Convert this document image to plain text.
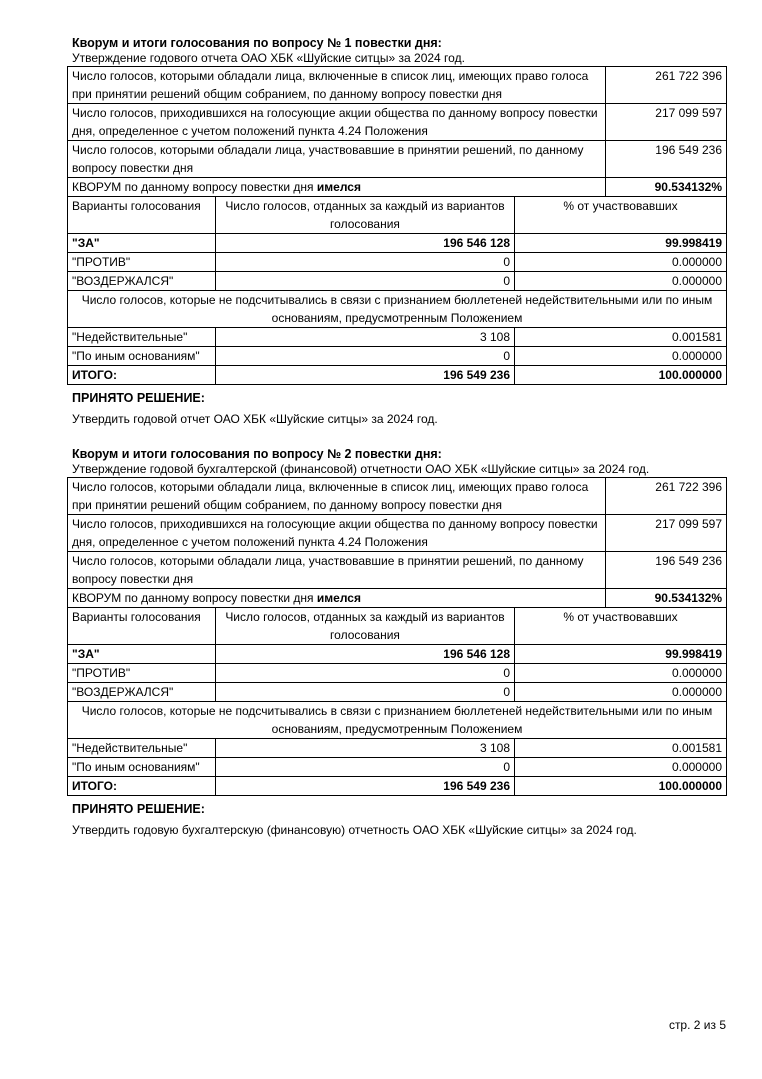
Кворум и итоги голосования по вопросу № 1 повестки дня:
Утверждение годового отчета ОАО ХБК «Шуйские ситцы» за 2024 год.
Число голосов, которыми обладали лица, включенные в список лиц, имеющих право голоса при принятии решений общим собранием, по данному вопросу повестки дня	261 722 396
Число голосов, приходившихся на голосующие акции общества по данному вопросу повестки дня, определенное с учетом положений пункта 4.24 Положения	217 099 597
Число голосов, которыми обладали лица, участвовавшие в принятии решений, по данному вопросу повестки дня	196 549 236
КВОРУМ по данному вопросу повестки дня имелся	90.534132%
Варианты голосования	Число голосов, отданных за каждый из вариантов голосования	% от участвовавших
"ЗА"	196 546 128	99.998419
"ПРОТИВ"	0	0.000000
"ВОЗДЕРЖАЛСЯ"	0	0.000000
Число голосов, которые не подсчитывались в связи с признанием бюллетеней недействительными или по иным основаниям, предусмотренным Положением		
"Недействительные"	3 108	0.001581
"По иным основаниям"	0	0.000000
ИТОГО:	196 549 236	100.000000
ПРИНЯТО РЕШЕНИЕ:
Утвердить годовой отчет ОАО ХБК «Шуйские ситцы» за 2024 год.
Кворум и итоги голосования по вопросу № 2 повестки дня:
Утверждение годовой бухгалтерской (финансовой) отчетности ОАО ХБК «Шуйские ситцы» за 2024 год.
Число голосов, которыми обладали лица, включенные в список лиц, имеющих право голоса при принятии решений общим собранием, по данному вопросу повестки дня	261 722 396
Число голосов, приходившихся на голосующие акции общества по данному вопросу повестки дня, определенное с учетом положений пункта 4.24 Положения	217 099 597
Число голосов, которыми обладали лица, участвовавшие в принятии решений, по данному вопросу повестки дня	196 549 236
КВОРУМ по данному вопросу повестки дня имелся	90.534132%
Варианты голосования	Число голосов, отданных за каждый из вариантов голосования	% от участвовавших
"ЗА"	196 546 128	99.998419
"ПРОТИВ"	0	0.000000
"ВОЗДЕРЖАЛСЯ"	0	0.000000
Число голосов, которые не подсчитывались в связи с признанием бюллетеней недействительными или по иным основаниям, предусмотренным Положением		
"Недействительные"	3 108	0.001581
"По иным основаниям"	0	0.000000
ИТОГО:	196 549 236	100.000000
ПРИНЯТО РЕШЕНИЕ:
Утвердить годовую бухгалтерскую (финансовую) отчетность ОАО ХБК «Шуйские ситцы» за 2024 год.
стр. 2 из 5
